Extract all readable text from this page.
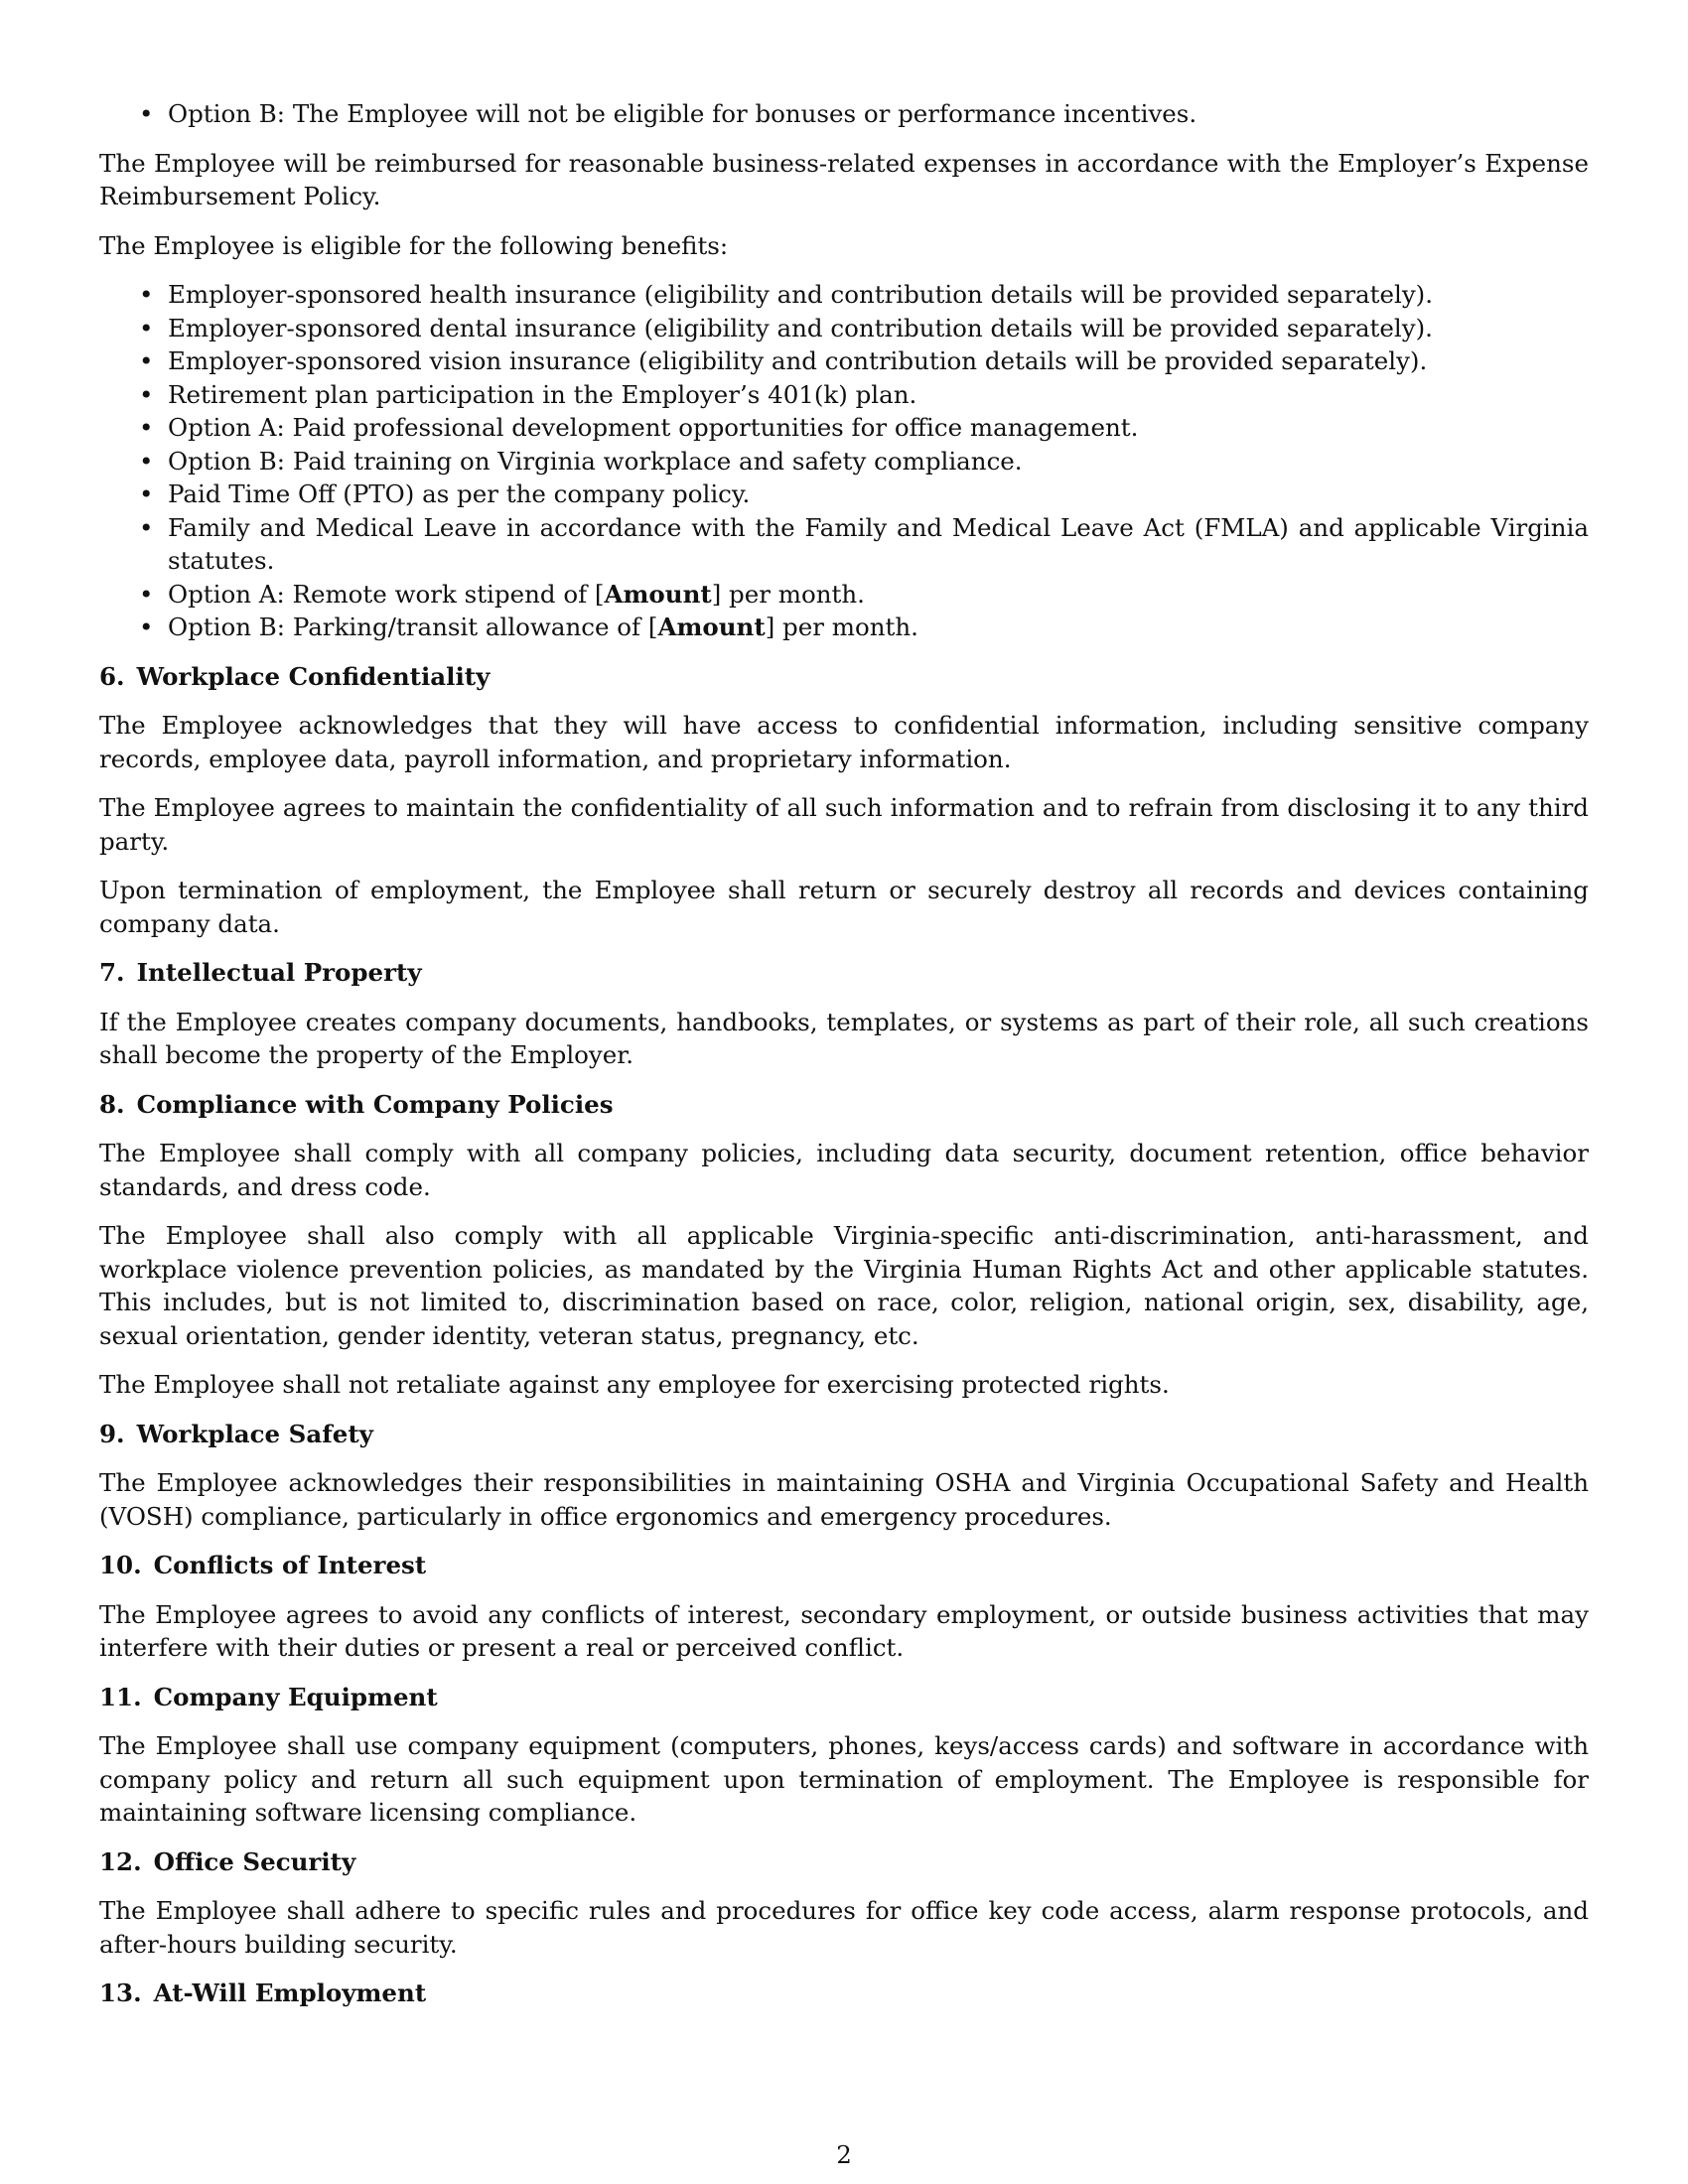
• Option B: The Employee will not be eligible for bonuses or performance incentives.

The Employee will be reimbursed for reasonable business-related expenses in accordance with the Employer’s Expense Reimbursement Policy.

The Employee is eligible for the following benefits:

• Employer-sponsored health insurance (eligibility and contribution details will be provided separately).
• Employer-sponsored dental insurance (eligibility and contribution details will be provided separately).
• Employer-sponsored vision insurance (eligibility and contribution details will be provided separately).
• Retirement plan participation in the Employer’s 401(k) plan.
• Option A: Paid professional development opportunities for office management.
• Option B: Paid training on Virginia workplace and safety compliance.
• Paid Time Off (PTO) as per the company policy.
• Family and Medical Leave in accordance with the Family and Medical Leave Act (FMLA) and applicable Virginia statutes.
• Option A: Remote work stipend of [Amount] per month.
• Option B: Parking/transit allowance of [Amount] per month.
6. Workplace Confidentiality

The Employee acknowledges that they will have access to confidential information, including sensitive company records, employee data, payroll information, and proprietary information.

The Employee agrees to maintain the confidentiality of all such information and to refrain from disclosing it to any third party.

Upon termination of employment, the Employee shall return or securely destroy all records and devices containing company data.

7. Intellectual Property

If the Employee creates company documents, handbooks, templates, or systems as part of their role, all such creations shall become the property of the Employer.

8. Compliance with Company Policies

The Employee shall comply with all company policies, including data security, document retention, office behavior standards, and dress code.

The Employee shall also comply with all applicable Virginia-specific anti-discrimination, anti-harassment, and workplace violence prevention policies, as mandated by the Virginia Human Rights Act and other applicable statutes. This includes, but is not limited to, discrimination based on race, color, religion, national origin, sex, disability, age, sexual orientation, gender identity, veteran status, pregnancy, etc.

The Employee shall not retaliate against any employee for exercising protected rights.

9. Workplace Safety

The Employee acknowledges their responsibilities in maintaining OSHA and Virginia Occupational Safety and Health (VOSH) compliance, particularly in office ergonomics and emergency procedures.

10. Conflicts of Interest

The Employee agrees to avoid any conflicts of interest, secondary employment, or outside business activities that may interfere with their duties or present a real or perceived conflict.

11. Company Equipment

The Employee shall use company equipment (computers, phones, keys/access cards) and software in accordance with company policy and return all such equipment upon termination of employment. The Employee is responsible for maintaining software licensing compliance.

12. Office Security

The Employee shall adhere to specific rules and procedures for office key code access, alarm response protocols, and after-hours building security.

13. At-Will Employment
2
